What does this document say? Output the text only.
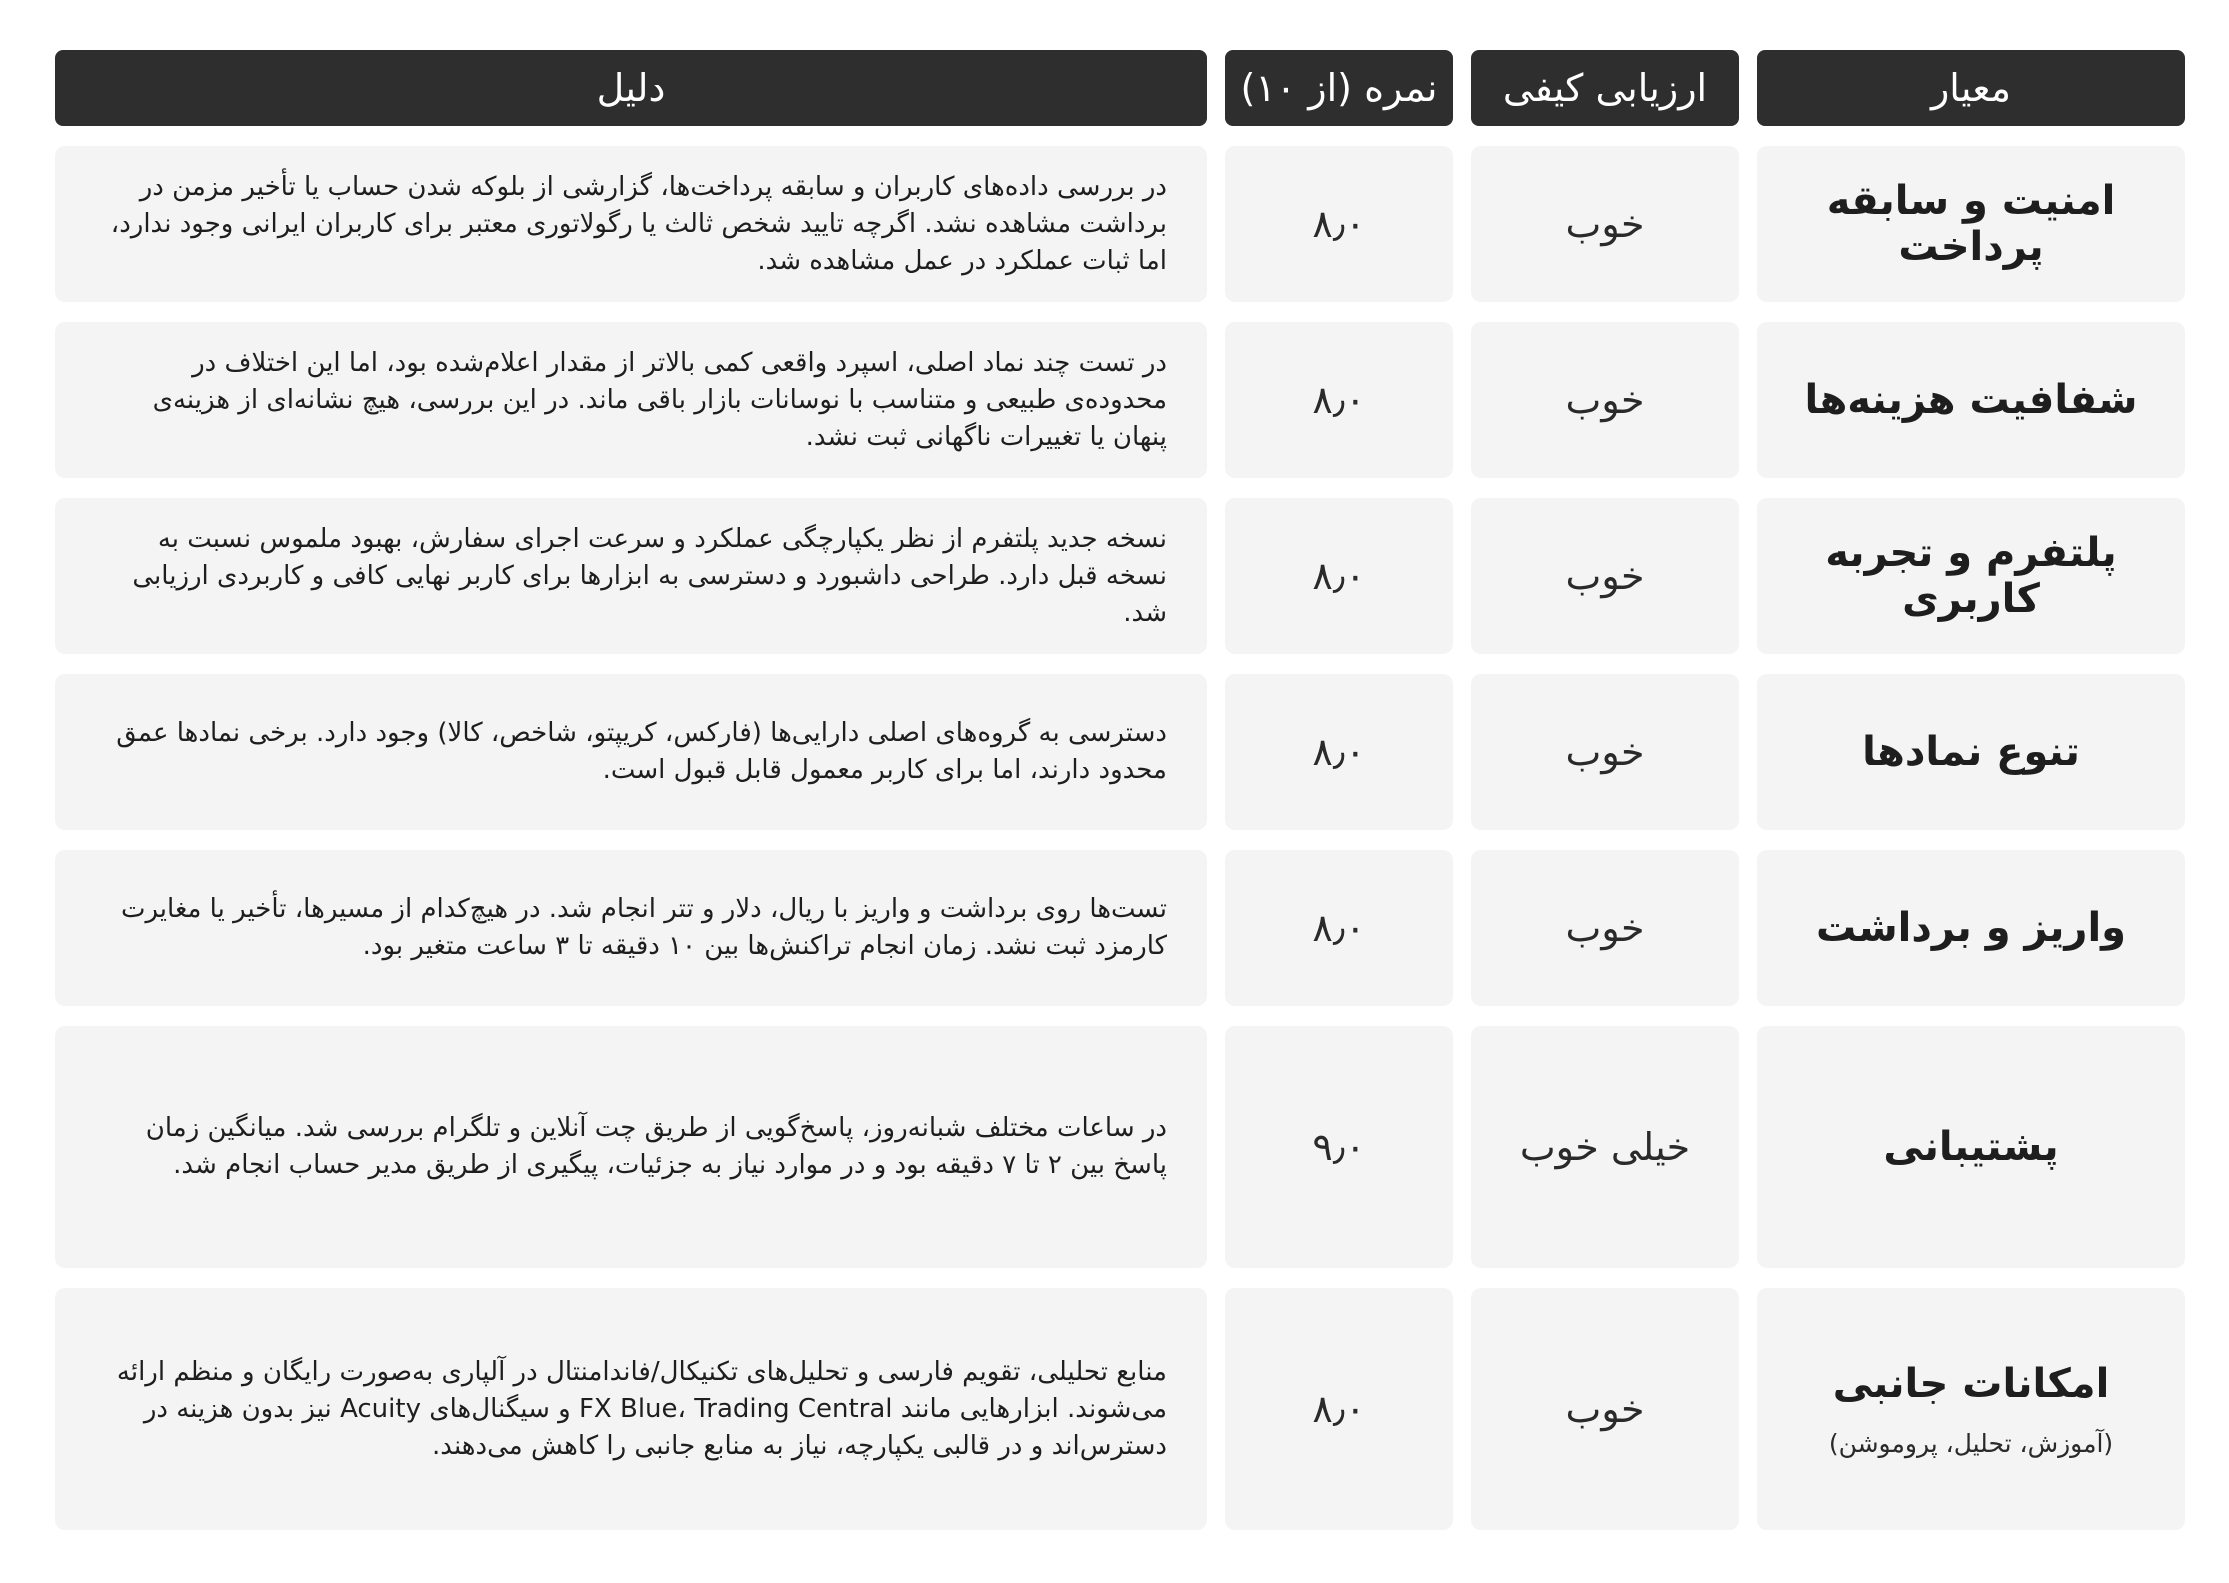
معیار
ارزیابی کیفی
نمره (از ۱۰)
دلیل
امنیت و سابقه پرداخت
خوب
۸٫۰
در بررسی داده‌های کاربران و سابقه پرداخت‌ها، گزارشی از بلوکه شدن حساب یا تأخیر مزمن در برداشت مشاهده نشد. اگرچه تایید شخص ثالث یا رگولاتوری معتبر برای کاربران ایرانی وجود ندارد، اما ثبات عملکرد در عمل مشاهده شد.
شفافیت هزینه‌ها
خوب
۸٫۰
در تست چند نماد اصلی، اسپرد واقعی کمی بالاتر از مقدار اعلام‌شده بود، اما این اختلاف در محدوده‌ی طبیعی و متناسب با نوسانات بازار باقی ماند. در این بررسی، هیچ نشانه‌ای از هزینه‌ی پنهان یا تغییرات ناگهانی ثبت نشد.
پلتفرم و تجربه کاربری
خوب
۸٫۰
نسخه جدید پلتفرم از نظر یکپارچگی عملکرد و سرعت اجرای سفارش، بهبود ملموس نسبت به نسخه قبل دارد. طراحی داشبورد و دسترسی به ابزارها برای کاربر نهایی کافی و کاربردی ارزیابی شد.
تنوع نمادها
خوب
۸٫۰
دسترسی به گروه‌های اصلی دارایی‌ها (فارکس، کریپتو، شاخص، کالا) وجود دارد. برخی نمادها عمق محدود دارند، اما برای کاربر معمول قابل قبول است.
واریز و برداشت
خوب
۸٫۰
تست‌ها روی برداشت و واریز با ریال، دلار و تتر انجام شد. در هیچ‌کدام از مسیرها، تأخیر یا مغایرت کارمزد ثبت نشد. زمان انجام تراکنش‌ها بین ۱۰ دقیقه تا ۳ ساعت متغیر بود.
پشتیبانی
خیلی خوب
۹٫۰
در ساعات مختلف شبانه‌روز، پاسخ‌گویی از طریق چت آنلاین و تلگرام بررسی شد. میانگین زمان پاسخ بین ۲ تا ۷ دقیقه بود و در موارد نیاز به جزئیات، پیگیری از طریق مدیر حساب انجام شد.
امکانات جانبی
(آموزش، تحلیل، پروموشن)
خوب
۸٫۰
منابع تحلیلی، تقویم فارسی و تحلیل‌های تکنیکال/فاندامنتال در آلپاری به‌صورت رایگان و منظم ارائه می‌شوند. ابزارهایی مانند FX Blue، Trading Central و سیگنال‌های Acuity نیز بدون هزینه در دسترس‌اند و در قالبی یکپارچه، نیاز به منابع جانبی را کاهش می‌دهند.
